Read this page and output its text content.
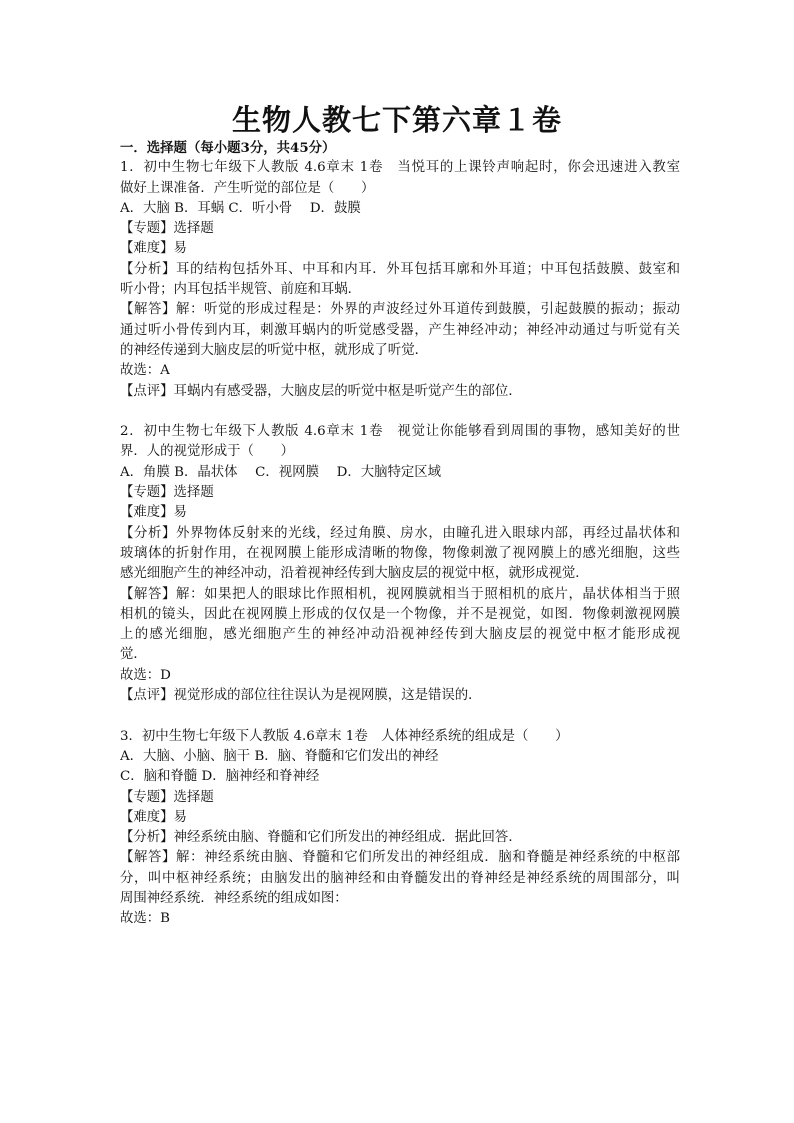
生物人教七下第六章１卷
一．选择题（每小题3分，共45分）
1．初中生物七年级下人教版 4.6章末 1卷　当悦耳的上课铃声响起时，你会迅速进入教室
做好上课准备．产生听觉的部位是（　　）
A．大脑 B．耳蜗 C．听小骨　 D．鼓膜
【专题】选择题
【难度】易
【分析】耳的结构包括外耳、中耳和内耳．外耳包括耳廓和外耳道；中耳包括鼓膜、鼓室和
听小骨；内耳包括半规管、前庭和耳蜗．
【解答】解：听觉的形成过程是：外界的声波经过外耳道传到鼓膜，引起鼓膜的振动；振动
通过听小骨传到内耳，刺激耳蜗内的听觉感受器，产生神经冲动；神经冲动通过与听觉有关
的神经传递到大脑皮层的听觉中枢，就形成了听觉．
故选：A
【点评】耳蜗内有感受器，大脑皮层的听觉中枢是听觉产生的部位．
2．初中生物七年级下人教版 4.6章末 1卷　视觉让你能够看到周围的事物，感知美好的世
界．人的视觉形成于（　　）
A．角膜 B．晶状体　 C．视网膜　 D．大脑特定区域
【专题】选择题
【难度】易
【分析】外界物体反射来的光线，经过角膜、房水，由瞳孔进入眼球内部，再经过晶状体和
玻璃体的折射作用，在视网膜上能形成清晰的物像，物像刺激了视网膜上的感光细胞，这些
感光细胞产生的神经冲动，沿着视神经传到大脑皮层的视觉中枢，就形成视觉．
【解答】解：如果把人的眼球比作照相机，视网膜就相当于照相机的底片，晶状体相当于照
相机的镜头，因此在视网膜上形成的仅仅是一个物像，并不是视觉，如图．物像刺激视网膜
上的感光细胞，感光细胞产生的神经冲动沿视神经传到大脑皮层的视觉中枢才能形成视
觉．
故选：D
【点评】视觉形成的部位往往误认为是视网膜，这是错误的．
3．初中生物七年级下人教版 4.6章末 1卷　人体神经系统的组成是（　　）
A．大脑、小脑、脑干 B．脑、脊髓和它们发出的神经
C．脑和脊髓 D．脑神经和脊神经
【专题】选择题
【难度】易
【分析】神经系统由脑、脊髓和它们所发出的神经组成．据此回答．
【解答】解：神经系统由脑、脊髓和它们所发出的神经组成．脑和脊髓是神经系统的中枢部
分，叫中枢神经系统；由脑发出的脑神经和由脊髓发出的脊神经是神经系统的周围部分，叫
周围神经系统．神经系统的组成如图：
故选：B
